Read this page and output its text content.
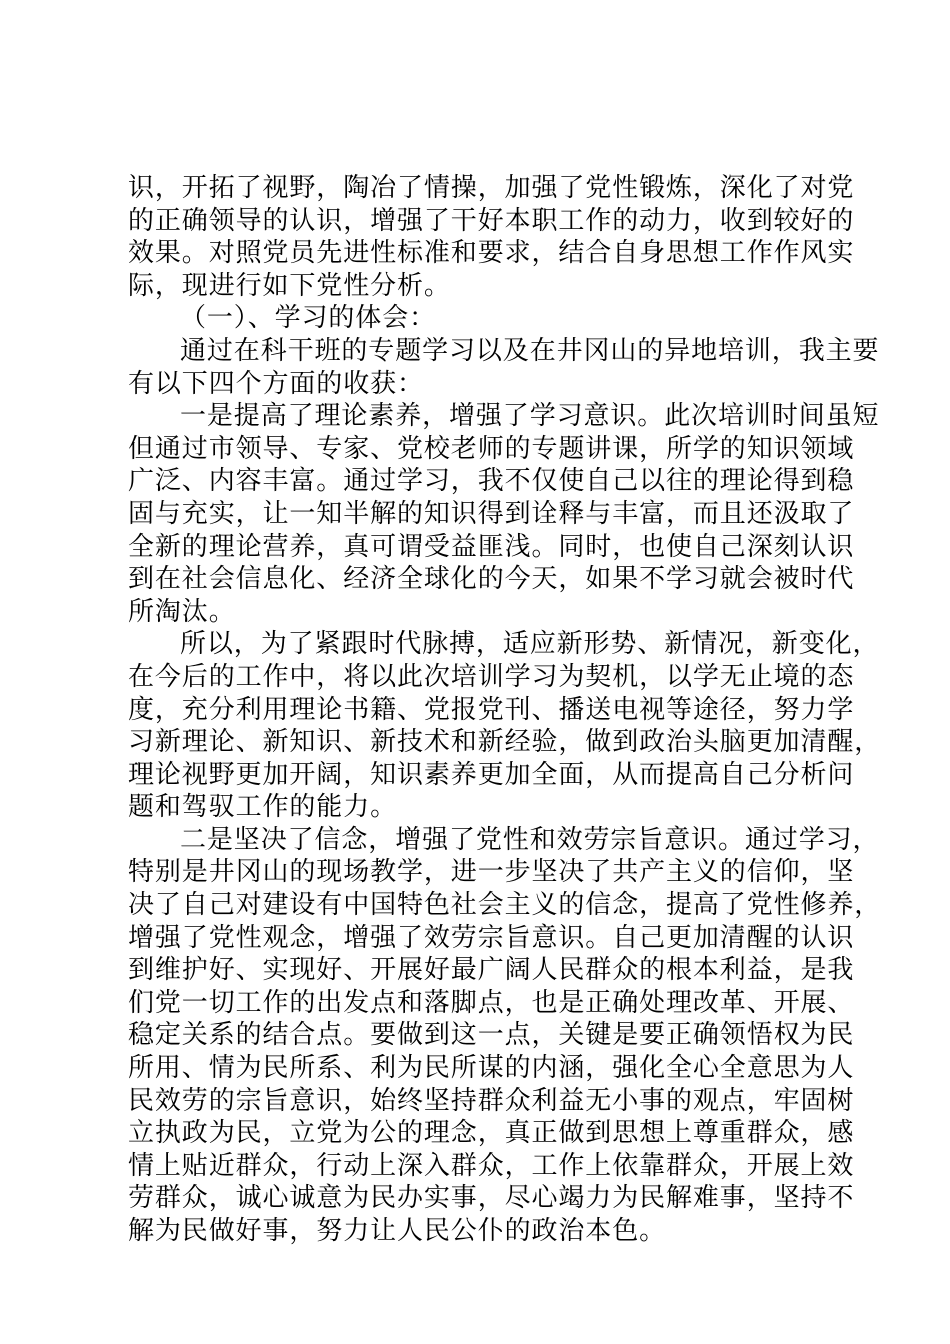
识，开拓了视野，陶冶了情操，加强了党性锻炼，深化了对党
的正确领导的认识，增强了干好本职工作的动力，收到较好的
效果。对照党员先进性标准和要求，结合自身思想工作作风实
际，现进行如下党性分析。
（一）、学习的体会：
通过在科干班的专题学习以及在井冈山的异地培训，我主要
有以下四个方面的收获：
一是提高了理论素养，增强了学习意识。此次培训时间虽短
但通过市领导、专家、党校老师的专题讲课，所学的知识领域
广泛、内容丰富。通过学习，我不仅使自己以往的理论得到稳
固与充实，让一知半解的知识得到诠释与丰富，而且还汲取了
全新的理论营养，真可谓受益匪浅。同时，也使自己深刻认识
到在社会信息化、经济全球化的今天，如果不学习就会被时代
所淘汰。
所以，为了紧跟时代脉搏，适应新形势、新情况，新变化，
在今后的工作中，将以此次培训学习为契机，以学无止境的态
度，充分利用理论书籍、党报党刊、播送电视等途径，努力学
习新理论、新知识、新技术和新经验，做到政治头脑更加清醒，
理论视野更加开阔，知识素养更加全面，从而提高自己分析问
题和驾驭工作的能力。
二是坚决了信念，增强了党性和效劳宗旨意识。通过学习，
特别是井冈山的现场教学，进一步坚决了共产主义的信仰，坚
决了自己对建设有中国特色社会主义的信念，提高了党性修养，
增强了党性观念，增强了效劳宗旨意识。自己更加清醒的认识
到维护好、实现好、开展好最广阔人民群众的根本利益，是我
们党一切工作的出发点和落脚点，也是正确处理改革、开展、
稳定关系的结合点。要做到这一点，关键是要正确领悟权为民
所用、情为民所系、利为民所谋的内涵，强化全心全意思为人
民效劳的宗旨意识，始终坚持群众利益无小事的观点，牢固树
立执政为民，立党为公的理念，真正做到思想上尊重群众，感
情上贴近群众，行动上深入群众，工作上依靠群众，开展上效
劳群众，诚心诚意为民办实事，尽心竭力为民解难事，坚持不
解为民做好事，努力让人民公仆的政治本色。
